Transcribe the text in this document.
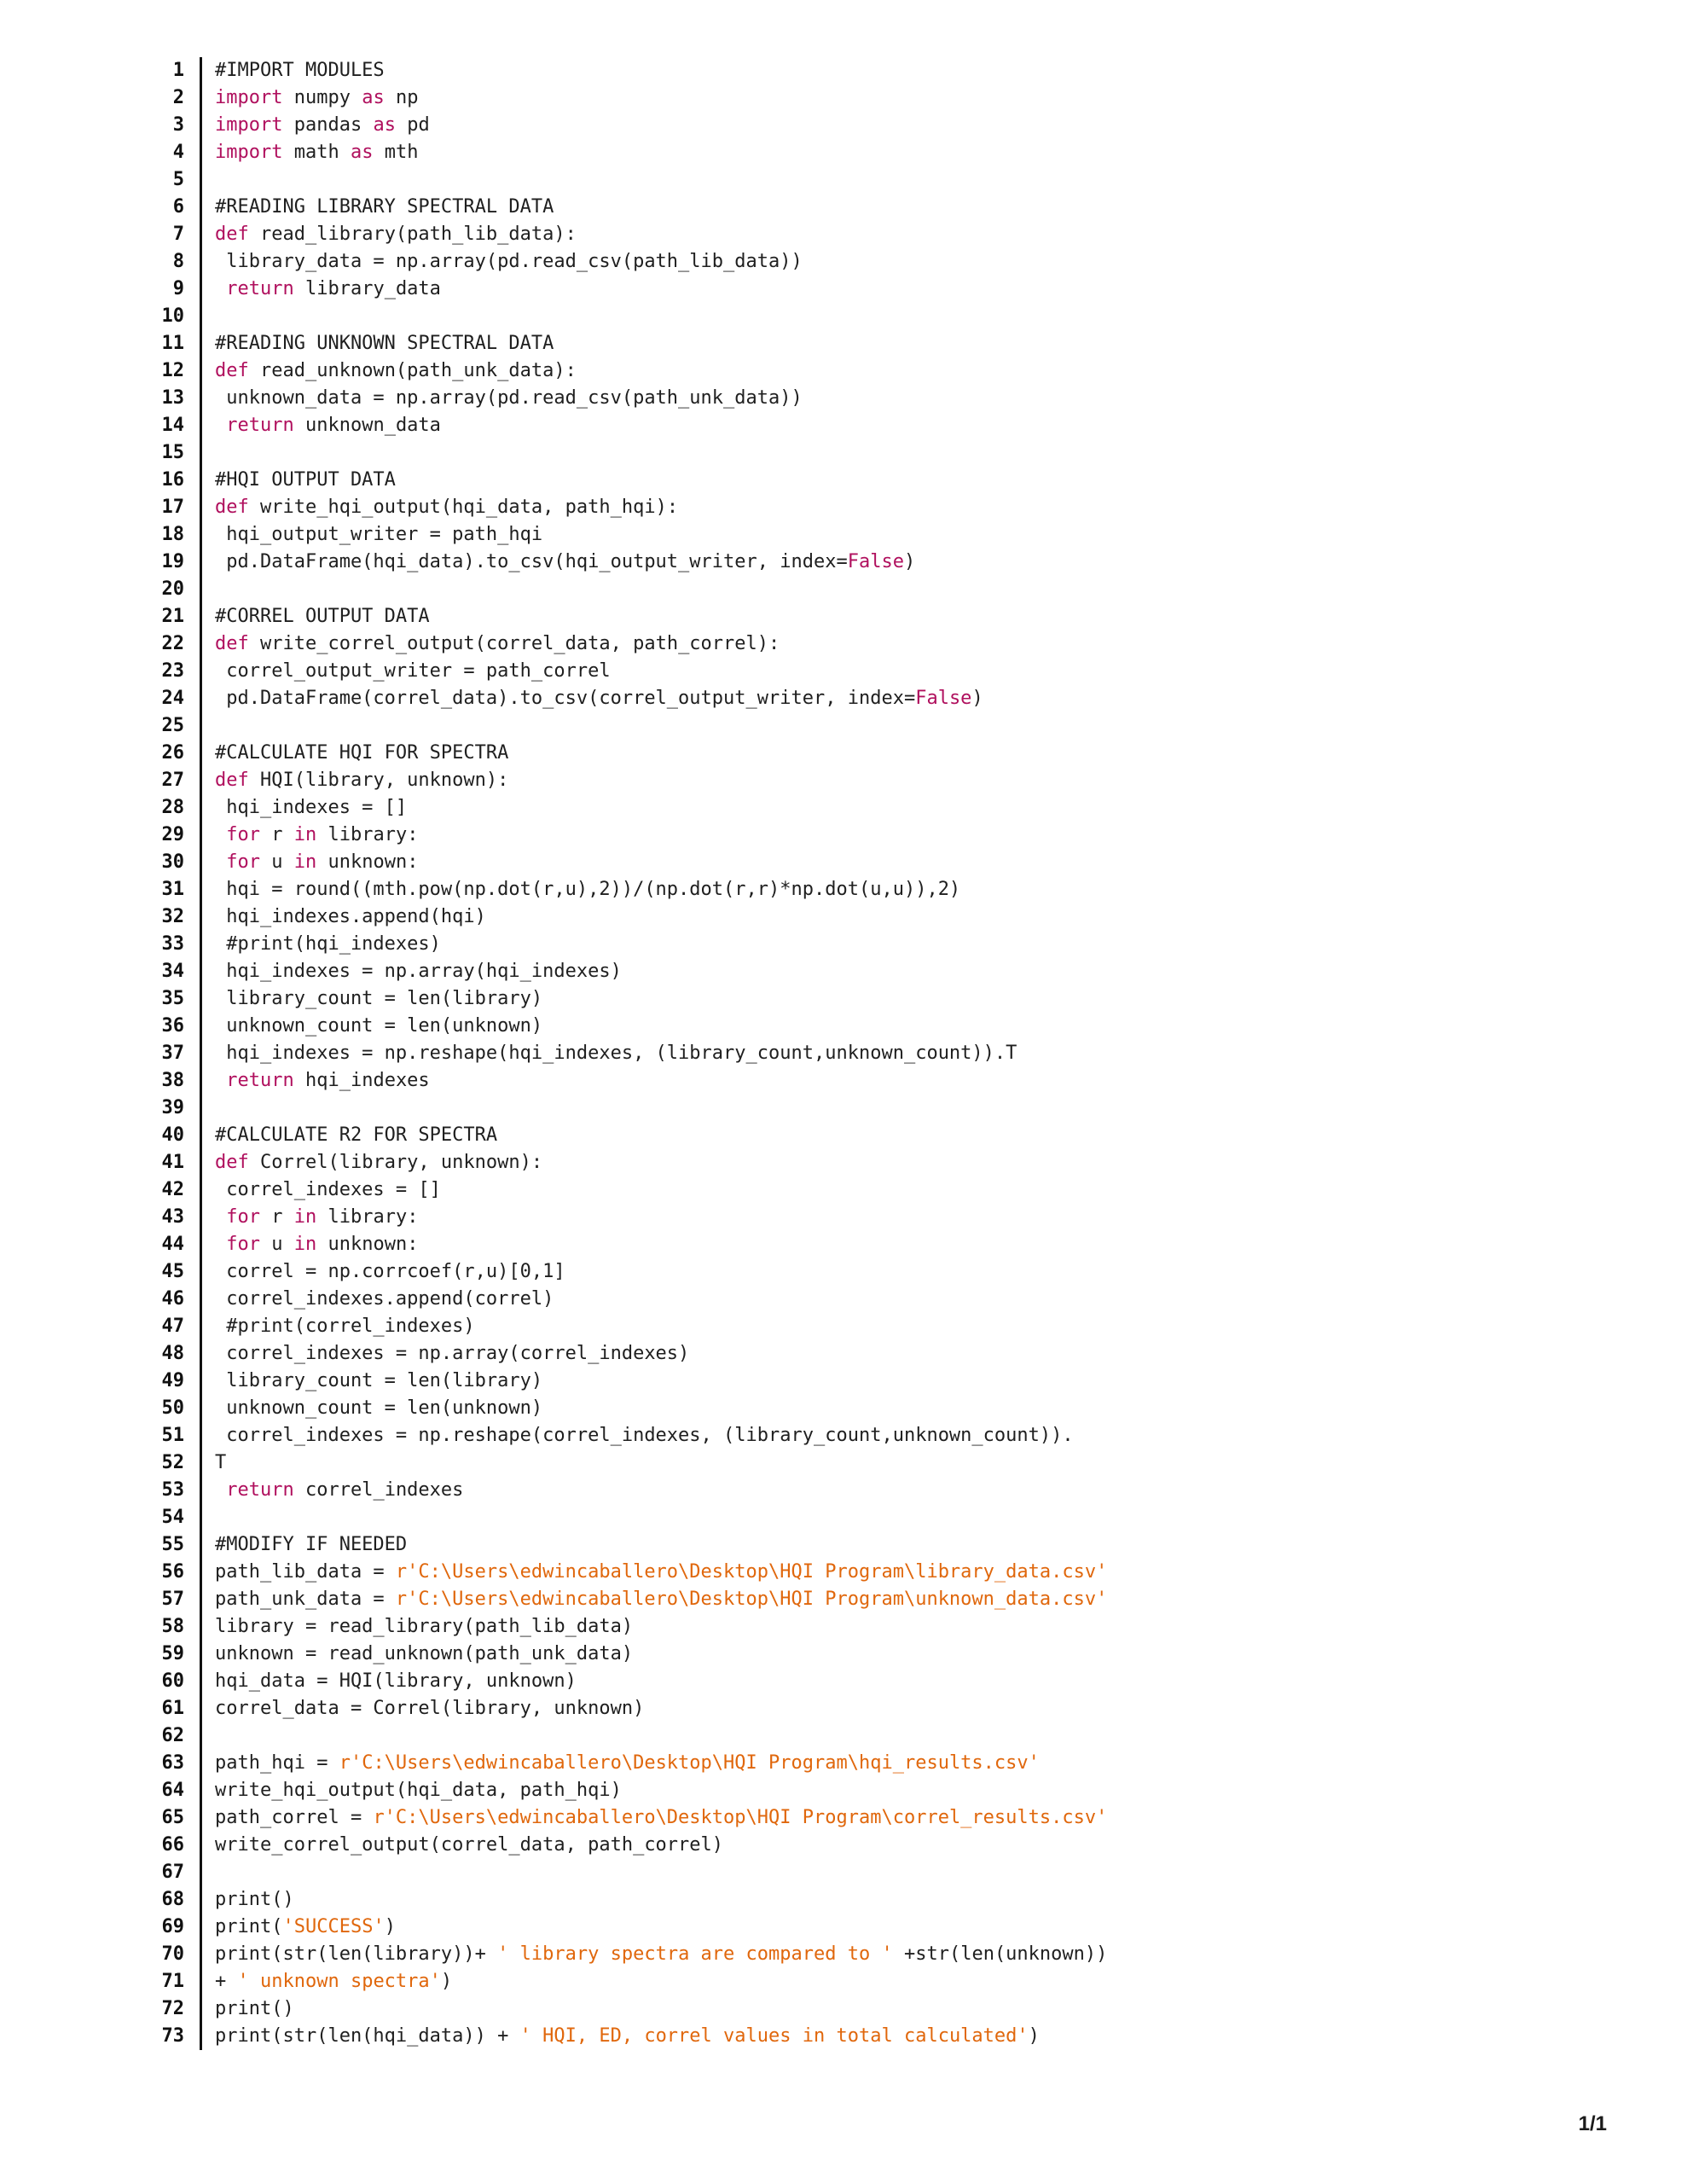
1 #IMPORT MODULES
2 import numpy as np
3 import pandas as pd
4 import math as mth
5
6 #READING LIBRARY SPECTRAL DATA
7 def read_library(path_lib_data):
8 library_data = np.array(pd.read_csv(path_lib_data))
9	return library_data
10
11 #READING UNKNOWN SPECTRAL DATA
12 def read_unknown(path_unk_data):
13 unknown_data = np.array(pd.read_csv(path_unk_data))
14	return unknown_data
15
16 #HQI OUTPUT DATA
17 def write_hqi_output(hqi_data, path_hqi):
18 hqi_output_writer = path_hqi
19 pd.DataFrame(hqi_data).to_csv(hqi_output_writer, index=False)
20
21 #CORREL OUTPUT DATA
22 def write_correl_output(correl_data, path_correl):
23 correl_output_writer = path_correl
24 pd.DataFrame(correl_data).to_csv(correl_output_writer, index=False)
25
26 #CALCULATE HQI FOR SPECTRA
27 def HQI(library, unknown):
28 hqi_indexes = []
29	for r in library:
30	for u in unknown:
31 hqi = round((mth.pow(np.dot(r,u),2))/(np.dot(r,r)*np.dot(u,u)),2)
32 hqi_indexes.append(hqi)
33 #print(hqi_indexes)
34 hqi_indexes = np.array(hqi_indexes)
35 library_count = len(library)
36 unknown_count = len(unknown)
37 hqi_indexes = np.reshape(hqi_indexes, (library_count,unknown_count)).T
38	return hqi_indexes
39
40 #CALCULATE R2 FOR SPECTRA
41 def Correl(library, unknown):
42 correl_indexes = []
43	for r in library:
44	for u in unknown:
45 correl = np.corrcoef(r,u)[0,1]
46 correl_indexes.append(correl)
47 #print(correl_indexes)
48 correl_indexes = np.array(correl_indexes)
49 library_count = len(library)
50 unknown_count = len(unknown)
51 correl_indexes = np.reshape(correl_indexes, (library_count,unknown_count)).
52 T
53	return correl_indexes
54
55 #MODIFY IF NEEDED
56 path_lib_data = r'C:\Users\edwincaballero\Desktop\HQI Program\library_data.csv'
57 path_unk_data = r'C:\Users\edwincaballero\Desktop\HQI Program\unknown_data.csv'
58 library = read_library(path_lib_data)
59 unknown = read_unknown(path_unk_data)
60 hqi_data = HQI(library, unknown)
61 correl_data = Correl(library, unknown)
62
63 path_hqi = r'C:\Users\edwincaballero\Desktop\HQI Program\hqi_results.csv'
64 write_hqi_output(hqi_data, path_hqi)
65 path_correl = r'C:\Users\edwincaballero\Desktop\HQI Program\correl_results.csv'
66 write_correl_output(correl_data, path_correl)
67
68 print()
69 print('SUCCESS')
70 print(str(len(library))+ ' library spectra are compared to ' +str(len(unknown))
71 + ' unknown spectra')
72 print()
73 print(str(len(hqi_data)) + ' HQI, ED, correl values in total calculated')
1/1
